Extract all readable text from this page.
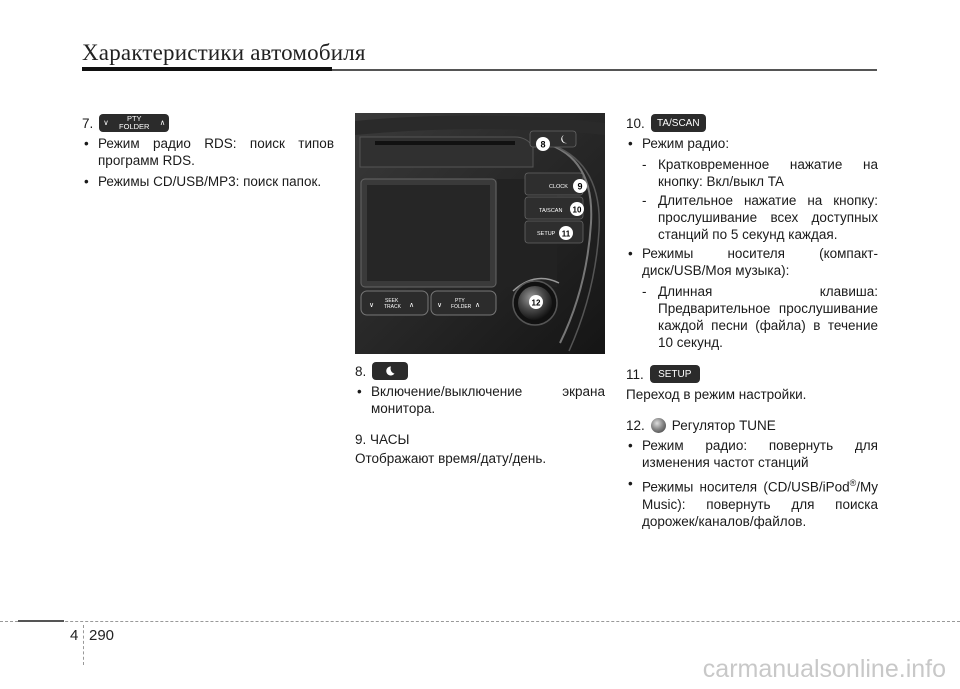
Характеристики автомобиля
7. ∨	PTY
FOLDER ∧
• Режим радио RDS: поиск типов программ RDS.
• Режимы CD/USB/MP3: поиск папок.	CLOCK
TA/SCAN
SETUP
∨
SEEK
TRACK ∧	∨
PTY
FOLDER ∧
8
9
10
11
12
8.
• Включение/выключение экрана монитора.
9. ЧАСЫ
Отображают время/дату/день.
10.	TA/SCAN
• Режим радио:
- Кратковременное нажатие на кнопку: Вкл/выкл TA
- Длительное нажатие на кнопку: прослушивание всех доступных станций по 5 секунд каждая.
• Режимы носителя (компакт-диск/USB/Моя музыка):
- Длинная клавиша: Предварительное прослушивание каждой песни (файла) в течение 10 секунд.
11.	SETUP
Переход в режим настройки.
12. Регулятор TUNE
• Режим радио: повернуть для изменения частот станций
• Режимы носителя (CD/USB/iPod®/My Music): повернуть для поиска дорожек/каналов/файлов.
4 290
carmanualsonline.info
